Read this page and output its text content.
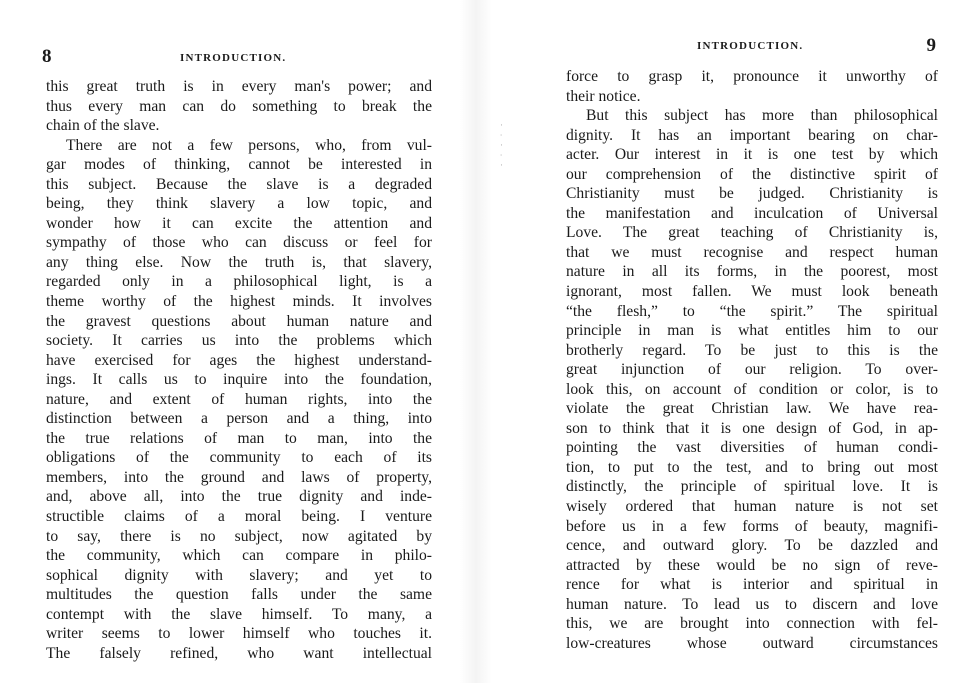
8	INTRODUCTION.
this great truth is in every man's power; and
thus every man can do something to break the
chain of the slave.
There are not a few persons, who, from vul-
gar modes of thinking, cannot be interested in
this subject. Because the slave is a degraded
being, they think slavery a low topic, and
wonder how it can excite the attention and
sympathy of those who can discuss or feel for
any thing else. Now the truth is, that slavery,
regarded only in a philosophical light, is a
theme worthy of the highest minds. It involves
the gravest questions about human nature and
society. It carries us into the problems which
have exercised for ages the highest understand-
ings. It calls us to inquire into the foundation,
nature, and extent of human rights, into the
distinction between a person and a thing, into
the true relations of man to man, into the
obligations of the community to each of its
members, into the ground and laws of property,
and, above all, into the true dignity and inde-
structible claims of a moral being. I venture
to say, there is no subject, now agitated by
the community, which can compare in philo-
sophical dignity with slavery; and yet to
multitudes the question falls under the same
contempt with the slave himself. To many, a
writer seems to lower himself who touches it.
The falsely refined, who want intellectual
·
∙
·
∙
·
INTRODUCTION.	9
force to grasp it, pronounce it unworthy of
their notice.
But this subject has more than philosophical
dignity. It has an important bearing on char-
acter. Our interest in it is one test by which
our comprehension of the distinctive spirit of
Christianity must be judged. Christianity is
the manifestation and inculcation of Universal
Love. The great teaching of Christianity is,
that we must recognise and respect human
nature in all its forms, in the poorest, most
ignorant, most fallen. We must look beneath
“the flesh,” to “the spirit.” The spiritual
principle in man is what entitles him to our
brotherly regard. To be just to this is the
great injunction of our religion. To over-
look this, on account of condition or color, is to
violate the great Christian law. We have rea-
son to think that it is one design of God, in ap-
pointing the vast diversities of human condi-
tion, to put to the test, and to bring out most
distinctly, the principle of spiritual love. It is
wisely ordered that human nature is not set
before us in a few forms of beauty, magnifi-
cence, and outward glory. To be dazzled and
attracted by these would be no sign of reve-
rence for what is interior and spiritual in
human nature. To lead us to discern and love
this, we are brought into connection with fel-
low-creatures whose outward circumstances
